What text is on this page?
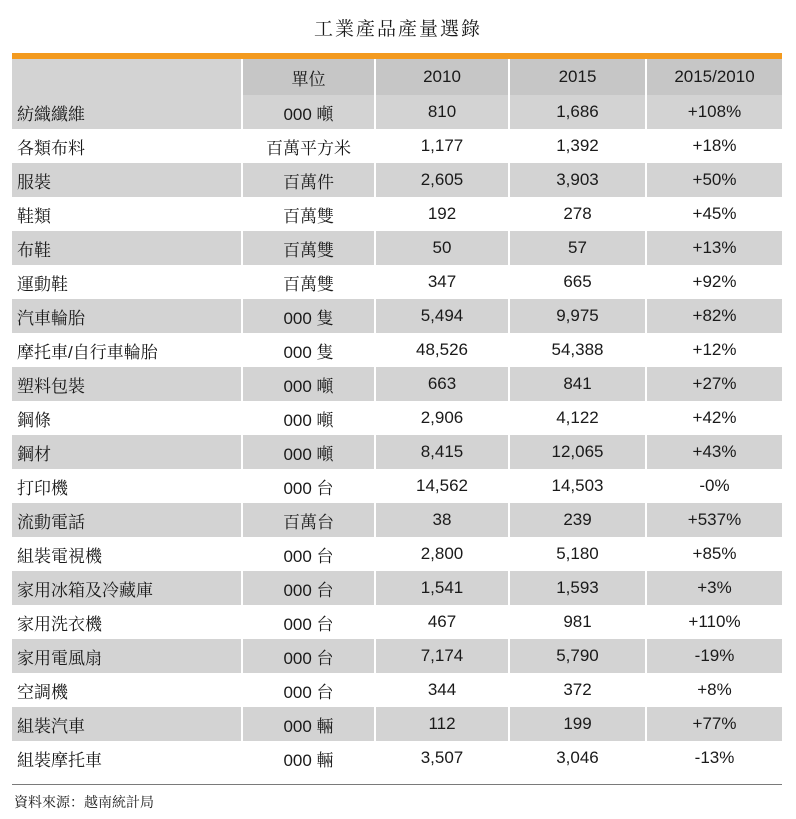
工業產品產量選錄
	單位	2010	2015	2015/2010
紡織纖維	000 噸	810	1,686	+108%
各類布料	百萬平方米	1,177	1,392	+18%
服裝	百萬件	2,605	3,903	+50%
鞋類	百萬雙	192	278	+45%
布鞋	百萬雙	50	57	+13%
運動鞋	百萬雙	347	665	+92%
汽車輪胎	000 隻	5,494	9,975	+82%
摩托車/自行車輪胎	000 隻	48,526	54,388	+12%
塑料包裝	000 噸	663	841	+27%
鋼條	000 噸	2,906	4,122	+42%
鋼材	000 噸	8,415	12,065	+43%
打印機	000 台	14,562	14,503	-0%
流動電話	百萬台	38	239	+537%
組裝電視機	000 台	2,800	5,180	+85%
家用冰箱及冷藏庫	000 台	1,541	1,593	+3%
家用洗衣機	000 台	467	981	+110%
家用電風扇	000 台	7,174	5,790	-19%
空調機	000 台	344	372	+8%
組裝汽車	000 輛	112	199	+77%
組裝摩托車	000 輛	3,507	3,046	-13%
資料來源：越南統計局
